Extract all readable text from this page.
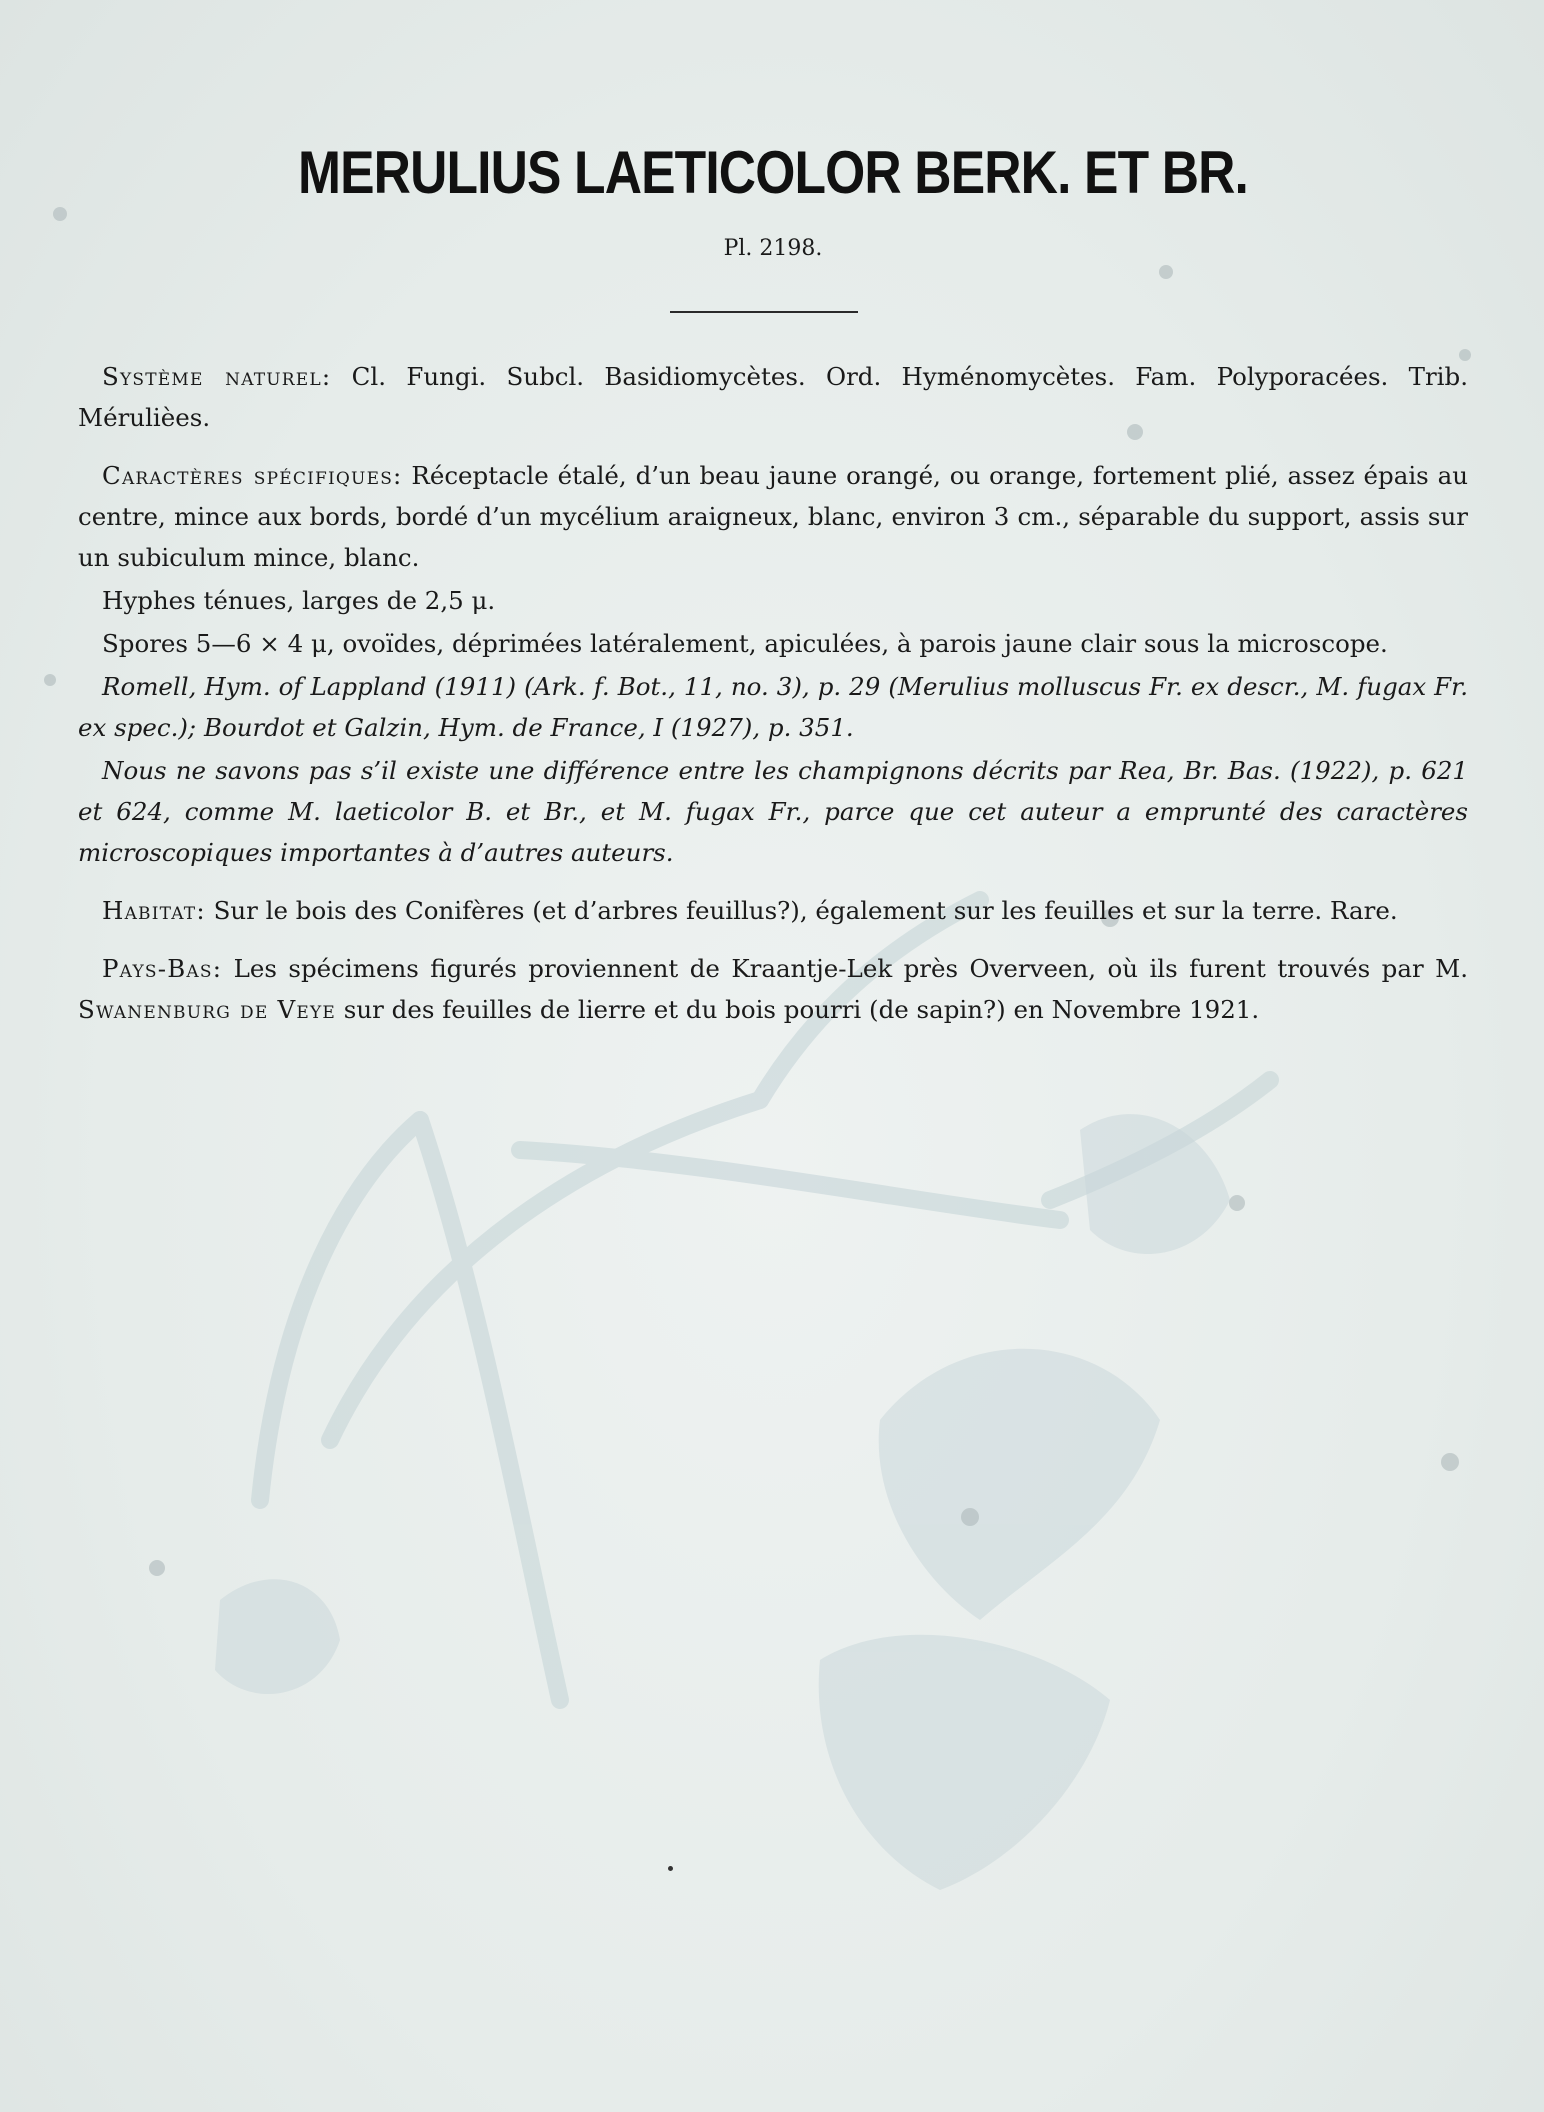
MERULIUS LAETICOLOR BERK. ET BR.

Pl. 2198.

Système naturel: Cl. Fungi. Subcl. Basidiomycètes. Ord. Hyménomycètes. Fam. Polyporacées. Trib. Mérulièes.

Caractères spécifiques: Réceptacle étalé, d’un beau jaune orangé, ou orange, fortement plié, assez épais au centre, mince aux bords, bordé d’un mycélium araigneux, blanc, environ 3 cm., séparable du support, assis sur un subiculum mince, blanc.

Hyphes ténues, larges de 2,5 μ.

Spores 5—6 × 4 μ, ovoïdes, déprimées latéralement, apiculées, à parois jaune clair sous la microscope.

Romell, Hym. of Lappland (1911) (Ark. f. Bot., 11, no. 3), p. 29 (Merulius molluscus Fr. ex descr., M. fugax Fr. ex spec.); Bourdot et Galzin, Hym. de France, I (1927), p. 351.

Nous ne savons pas s’il existe une différence entre les champignons décrits par Rea, Br. Bas. (1922), p. 621 et 624, comme M. laeticolor B. et Br., et M. fugax Fr., parce que cet auteur a emprunté des caractères microscopiques importantes à d’autres auteurs.

Habitat: Sur le bois des Conifères (et d’arbres feuillus?), également sur les feuilles et sur la terre. Rare.

Pays-Bas: Les spécimens figurés proviennent de Kraantje-Lek près Overveen, où ils furent trouvés par M. Swanenburg de Veye sur des feuilles de lierre et du bois pourri (de sapin?) en Novembre 1921.
